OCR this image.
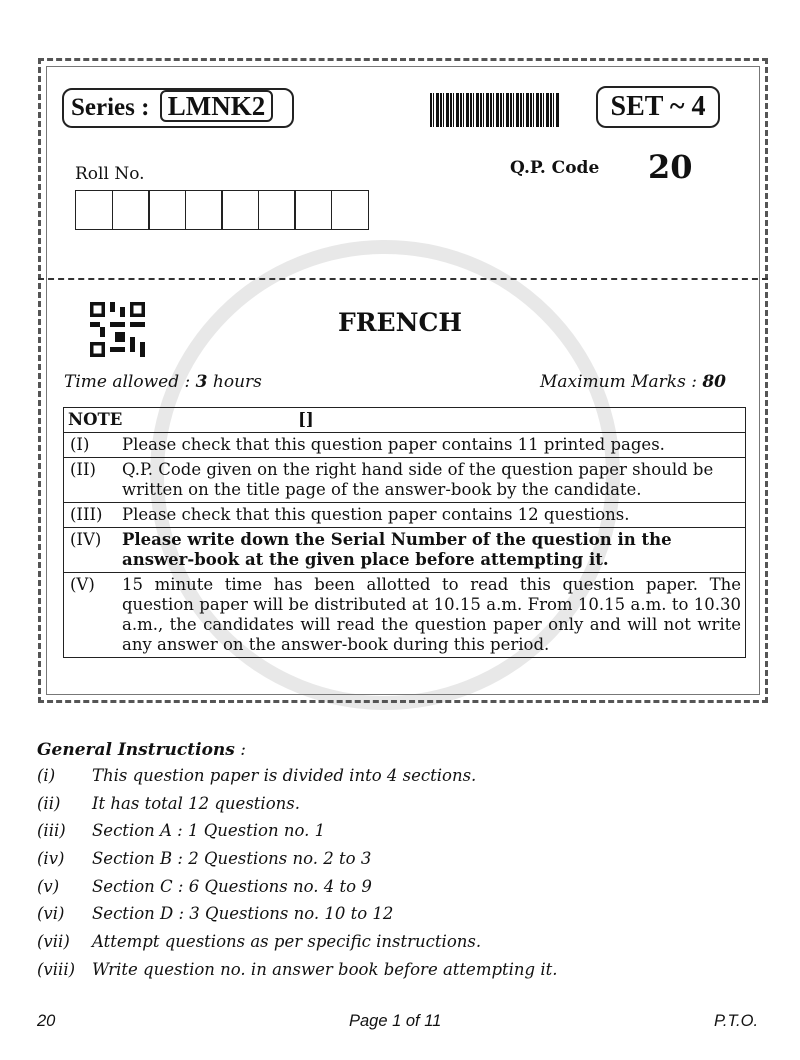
Series : LMNK2	SET ~ 4
Roll No.	Q.P. Code 20
FRENCH
Time allowed : 3 hours	Maximum Marks : 80
NOTE []	
(I)	Please check that this question paper contains 11 printed pages.
(II)	Q.P. Code given on the right hand side of the question paper should be written on the title page of the answer-book by the candidate.
(III)	Please check that this question paper contains 12 questions.
(IV)	Please write down the Serial Number of the question in the answer-book at the given place before attempting it.
(V)	15 minute time has been allotted to read this question paper. The question paper will be distributed at 10.15 a.m. From 10.15 a.m. to 10.30 a.m., the candidates will read the question paper only and will not write any answer on the answer-book during this period.
General Instructions :
(i)	This question paper is divided into 4 sections.
(ii)	It has total 12 questions.
(iii)	Section A : 1 Question no. 1
(iv)	Section B : 2 Questions no. 2 to 3
(v)	Section C : 6 Questions no. 4 to 9
(vi)	Section D : 3 Questions no. 10 to 12
(vii)	Attempt questions as per specific instructions.
(viii)	Write question no. in answer book before attempting it.
20	Page 1 of 11	P.T.O.
